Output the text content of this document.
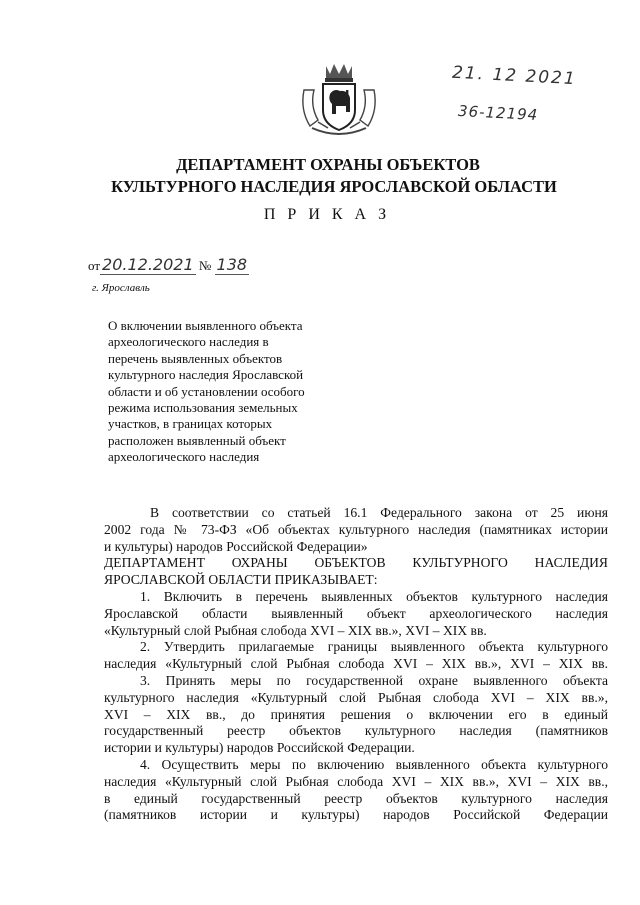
21. 12 2021
36-12194
ДЕПАРТАМЕНТ ОХРАНЫ ОБЪЕКТОВ
КУЛЬТУРНОГО НАСЛЕДИЯ ЯРОСЛАВСКОЙ ОБЛАСТИ
П Р И К А З
от 20.12.2021 № 138
г. Ярославль
О включении выявленного объекта
археологического наследия в
перечень выявленных объектов
культурного наследия Ярославской
области и об установлении особого
режима использования земельных
участков, в границах которых
расположен выявленный объект
археологического наследия
В соответствии со статьей 16.1 Федерального закона от 25 июня
2002 года № 73-ФЗ «Об объектах культурного наследия (памятниках истории
и культуры) народов Российской Федерации»
ДЕПАРТАМЕНТ ОХРАНЫ ОБЪЕКТОВ КУЛЬТУРНОГО НАСЛЕДИЯ
ЯРОСЛАВСКОЙ ОБЛАСТИ ПРИКАЗЫВАЕТ:
1. Включить в перечень выявленных объектов культурного наследия
Ярославской области выявленный объект археологического наследия
«Культурный слой Рыбная слобода XVI – XIX вв.», XVI – XIX вв.
2. Утвердить прилагаемые границы выявленного объекта культурного
наследия «Культурный слой Рыбная слобода XVI – XIX вв.», XVI – XIX вв.
3. Принять меры по государственной охране выявленного объекта
культурного наследия «Культурный слой Рыбная слобода XVI – XIX вв.»,
XVI – XIX вв., до принятия решения о включении его в единый
государственный реестр объектов культурного наследия (памятников
истории и культуры) народов Российской Федерации.
4. Осуществить меры по включению выявленного объекта культурного
наследия «Культурный слой Рыбная слобода XVI – XIX вв.», XVI – XIX вв.,
в единый государственный реестр объектов культурного наследия
(памятников истории и культуры) народов Российской Федерации
